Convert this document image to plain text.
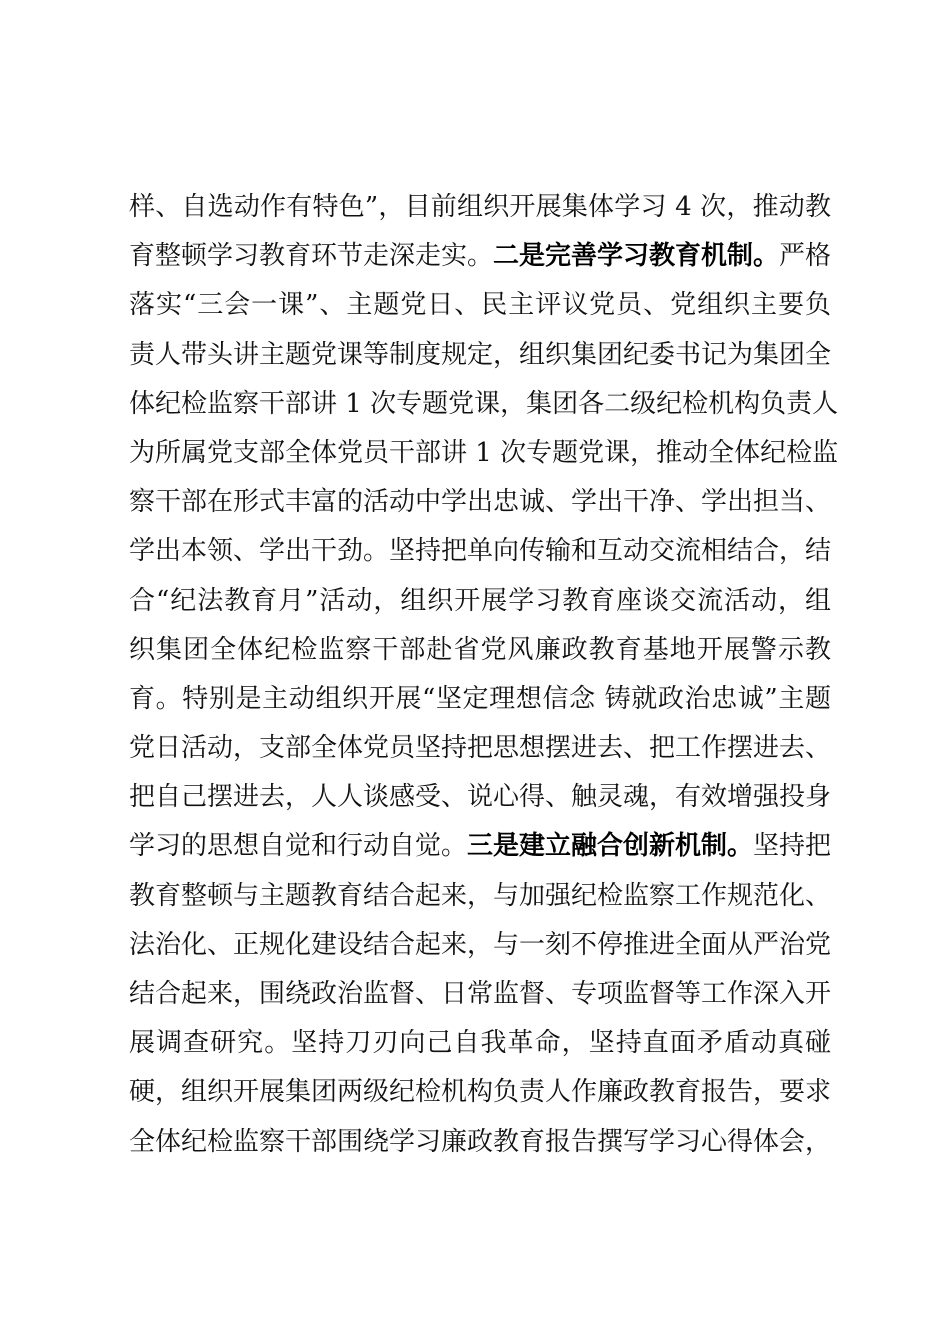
样、自选动作有特色”，目前组织开展集体学习 4 次，推动教
育整顿学习教育环节走深走实。二是完善学习教育机制。严格
落实“三会一课”、主题党日、民主评议党员、党组织主要负
责人带头讲主题党课等制度规定，组织集团纪委书记为集团全
体纪检监察干部讲 1 次专题党课，集团各二级纪检机构负责人
为所属党支部全体党员干部讲 1 次专题党课，推动全体纪检监
察干部在形式丰富的活动中学出忠诚、学出干净、学出担当、
学出本领、学出干劲。坚持把单向传输和互动交流相结合，结
合“纪法教育月”活动，组织开展学习教育座谈交流活动，组
织集团全体纪检监察干部赴省党风廉政教育基地开展警示教
育。特别是主动组织开展“坚定理想信念 铸就政治忠诚”主题
党日活动，支部全体党员坚持把思想摆进去、把工作摆进去、
把自己摆进去，人人谈感受、说心得、触灵魂，有效增强投身
学习的思想自觉和行动自觉。三是建立融合创新机制。坚持把
教育整顿与主题教育结合起来，与加强纪检监察工作规范化、
法治化、正规化建设结合起来，与一刻不停推进全面从严治党
结合起来，围绕政治监督、日常监督、专项监督等工作深入开
展调查研究。坚持刀刃向己自我革命，坚持直面矛盾动真碰
硬，组织开展集团两级纪检机构负责人作廉政教育报告，要求
全体纪检监察干部围绕学习廉政教育报告撰写学习心得体会，
